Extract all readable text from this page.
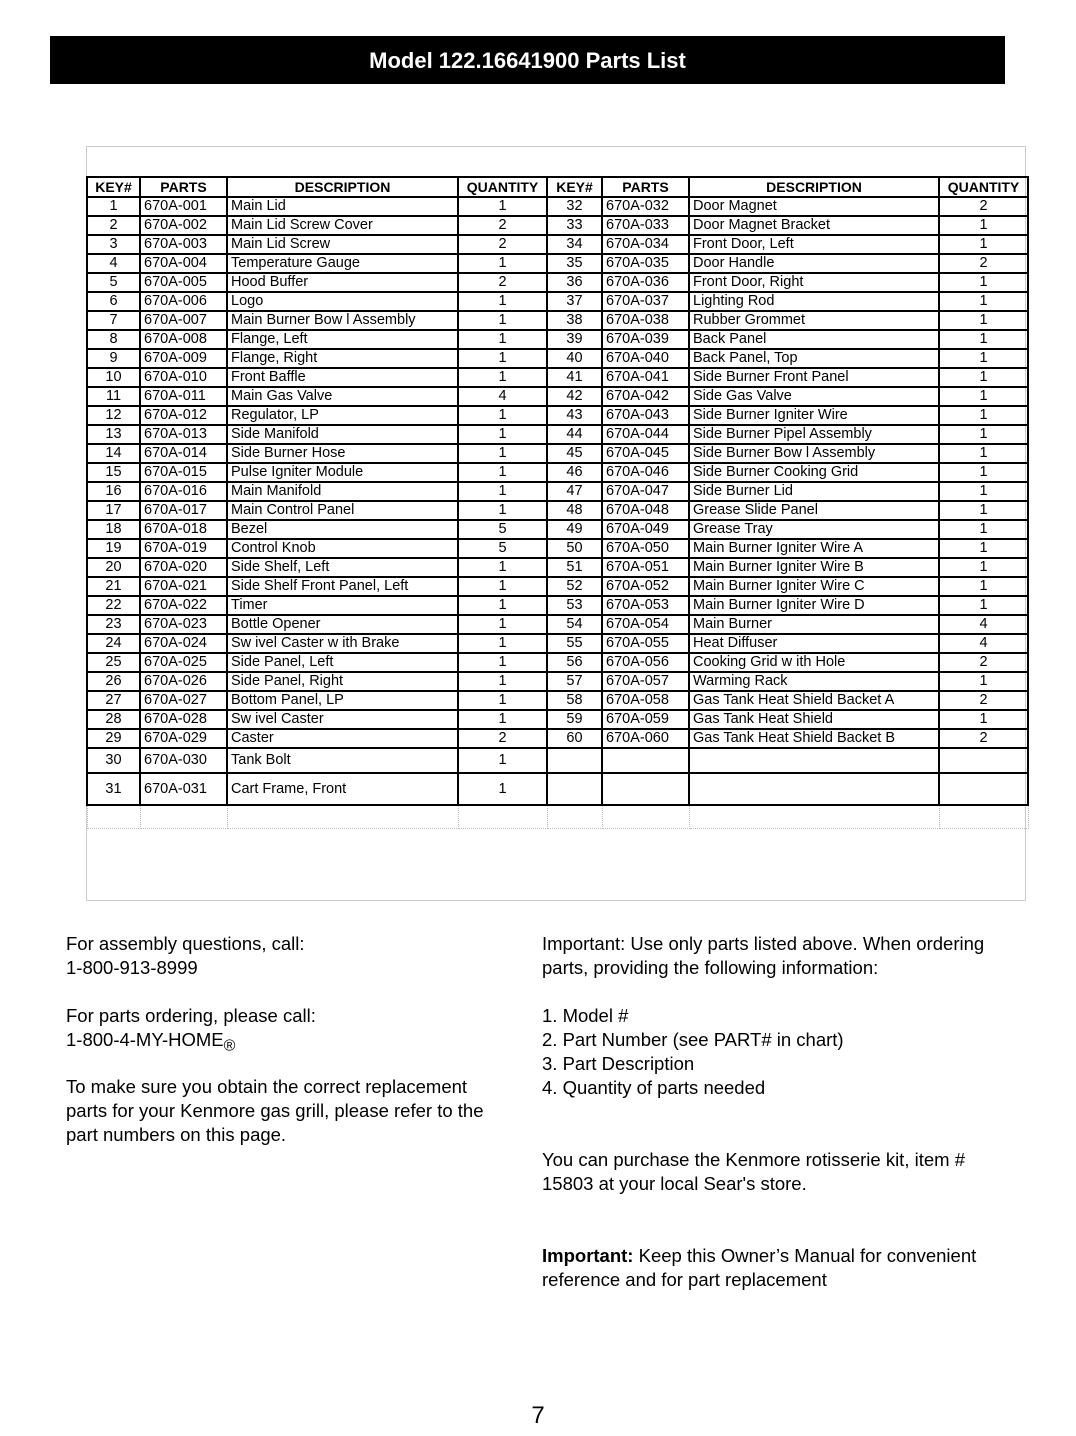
Model 122.16641900 Parts List
KEY#	PARTS	DESCRIPTION	QUANTITY	KEY#	PARTS	DESCRIPTION	QUANTITY
1	670A-001	Main Lid	1	32	670A-032	Door Magnet	2
2	670A-002	Main Lid Screw Cover	2	33	670A-033	Door Magnet Bracket	1
3	670A-003	Main Lid Screw	2	34	670A-034	Front Door, Left	1
4	670A-004	Temperature Gauge	1	35	670A-035	Door Handle	2
5	670A-005	Hood Buffer	2	36	670A-036	Front Door, Right	1
6	670A-006	Logo	1	37	670A-037	Lighting Rod	1
7	670A-007	Main Burner Bow l Assembly	1	38	670A-038	Rubber Grommet	1
8	670A-008	Flange, Left	1	39	670A-039	Back Panel	1
9	670A-009	Flange, Right	1	40	670A-040	Back Panel, Top	1
10	670A-010	Front Baffle	1	41	670A-041	Side Burner Front Panel	1
11	670A-011	Main Gas Valve	4	42	670A-042	Side Gas Valve	1
12	670A-012	Regulator, LP	1	43	670A-043	Side Burner Igniter Wire	1
13	670A-013	Side Manifold	1	44	670A-044	Side Burner Pipel Assembly	1
14	670A-014	Side Burner Hose	1	45	670A-045	Side Burner Bow l Assembly	1
15	670A-015	Pulse Igniter Module	1	46	670A-046	Side Burner Cooking Grid	1
16	670A-016	Main Manifold	1	47	670A-047	Side Burner Lid	1
17	670A-017	Main Control Panel	1	48	670A-048	Grease Slide Panel	1
18	670A-018	Bezel	5	49	670A-049	Grease Tray	1
19	670A-019	Control Knob	5	50	670A-050	Main Burner Igniter Wire A	1
20	670A-020	Side Shelf, Left	1	51	670A-051	Main Burner Igniter Wire B	1
21	670A-021	Side Shelf Front Panel, Left	1	52	670A-052	Main Burner Igniter Wire C	1
22	670A-022	Timer	1	53	670A-053	Main Burner Igniter Wire D	1
23	670A-023	Bottle Opener	1	54	670A-054	Main Burner	4
24	670A-024	Sw ivel Caster w ith Brake	1	55	670A-055	Heat Diffuser	4
25	670A-025	Side Panel, Left	1	56	670A-056	Cooking Grid w ith Hole	2
26	670A-026	Side Panel, Right	1	57	670A-057	Warming Rack	1
27	670A-027	Bottom Panel, LP	1	58	670A-058	Gas Tank Heat Shield Backet A	2
28	670A-028	Sw ivel Caster	1	59	670A-059	Gas Tank Heat Shield	1
29	670A-029	Caster	2	60	670A-060	Gas Tank Heat Shield Backet B	2
30	670A-030	Tank Bolt	1				
31	670A-031	Cart Frame, Front	1				

For assembly questions, call:

1-800-913-8999

For parts ordering, please call:

$1-800-4-MY-HOME_®$

To make sure you obtain the correct replacement parts for your Kenmore gas grill, please refer to the part numbers on this page.

Important: Use only parts listed above. When ordering parts, providing the following information:

1. Model #

2. Part Number (see PART# in chart)

3. Part Description

4. Quantity of parts needed

You can purchase the Kenmore rotisserie kit, item # 15803 at your local Sear's store.

Important: Keep this Owner’s Manual for convenient reference and for part replacement

7
